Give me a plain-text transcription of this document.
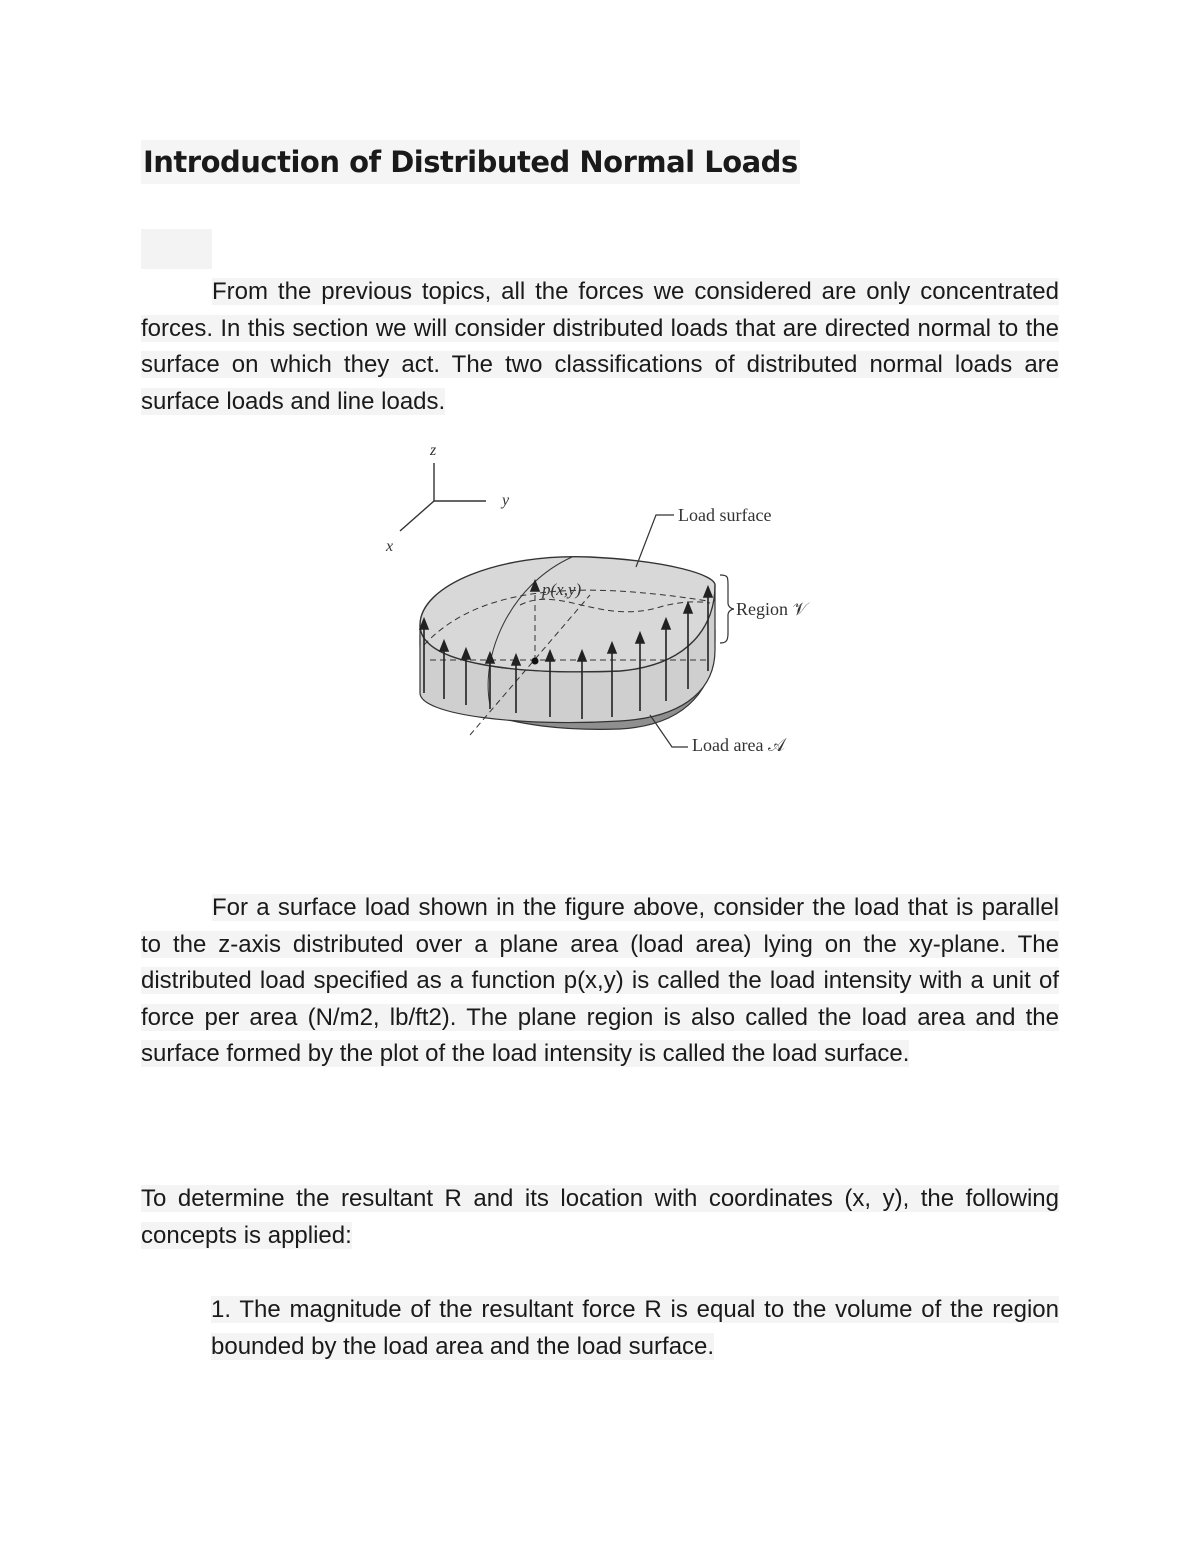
Introduction of Distributed Normal Loads

From the previous topics, all the forces we considered are only concentrated forces. In this section we will consider distributed loads that are directed normal to the surface on which they act. The two classifications of distributed normal loads are surface loads and line loads.

z
y
x
p(x,y)
Load surface
Region 𝒱
Load area 𝒜

For a surface load shown in the figure above, consider the load that is parallel to the z-axis distributed over a plane area (load area) lying on the xy-plane. The distributed load specified as a function p(x,y) is called the load intensity with a unit of force per area (N/m2, lb/ft2). The plane region is also called the load area and the surface formed by the plot of the load intensity is called the load surface.

To determine the resultant R and its location with coordinates (x, y), the following concepts is applied:

1. The magnitude of the resultant force R is equal to the volume of the region bounded by the load area and the load surface.
